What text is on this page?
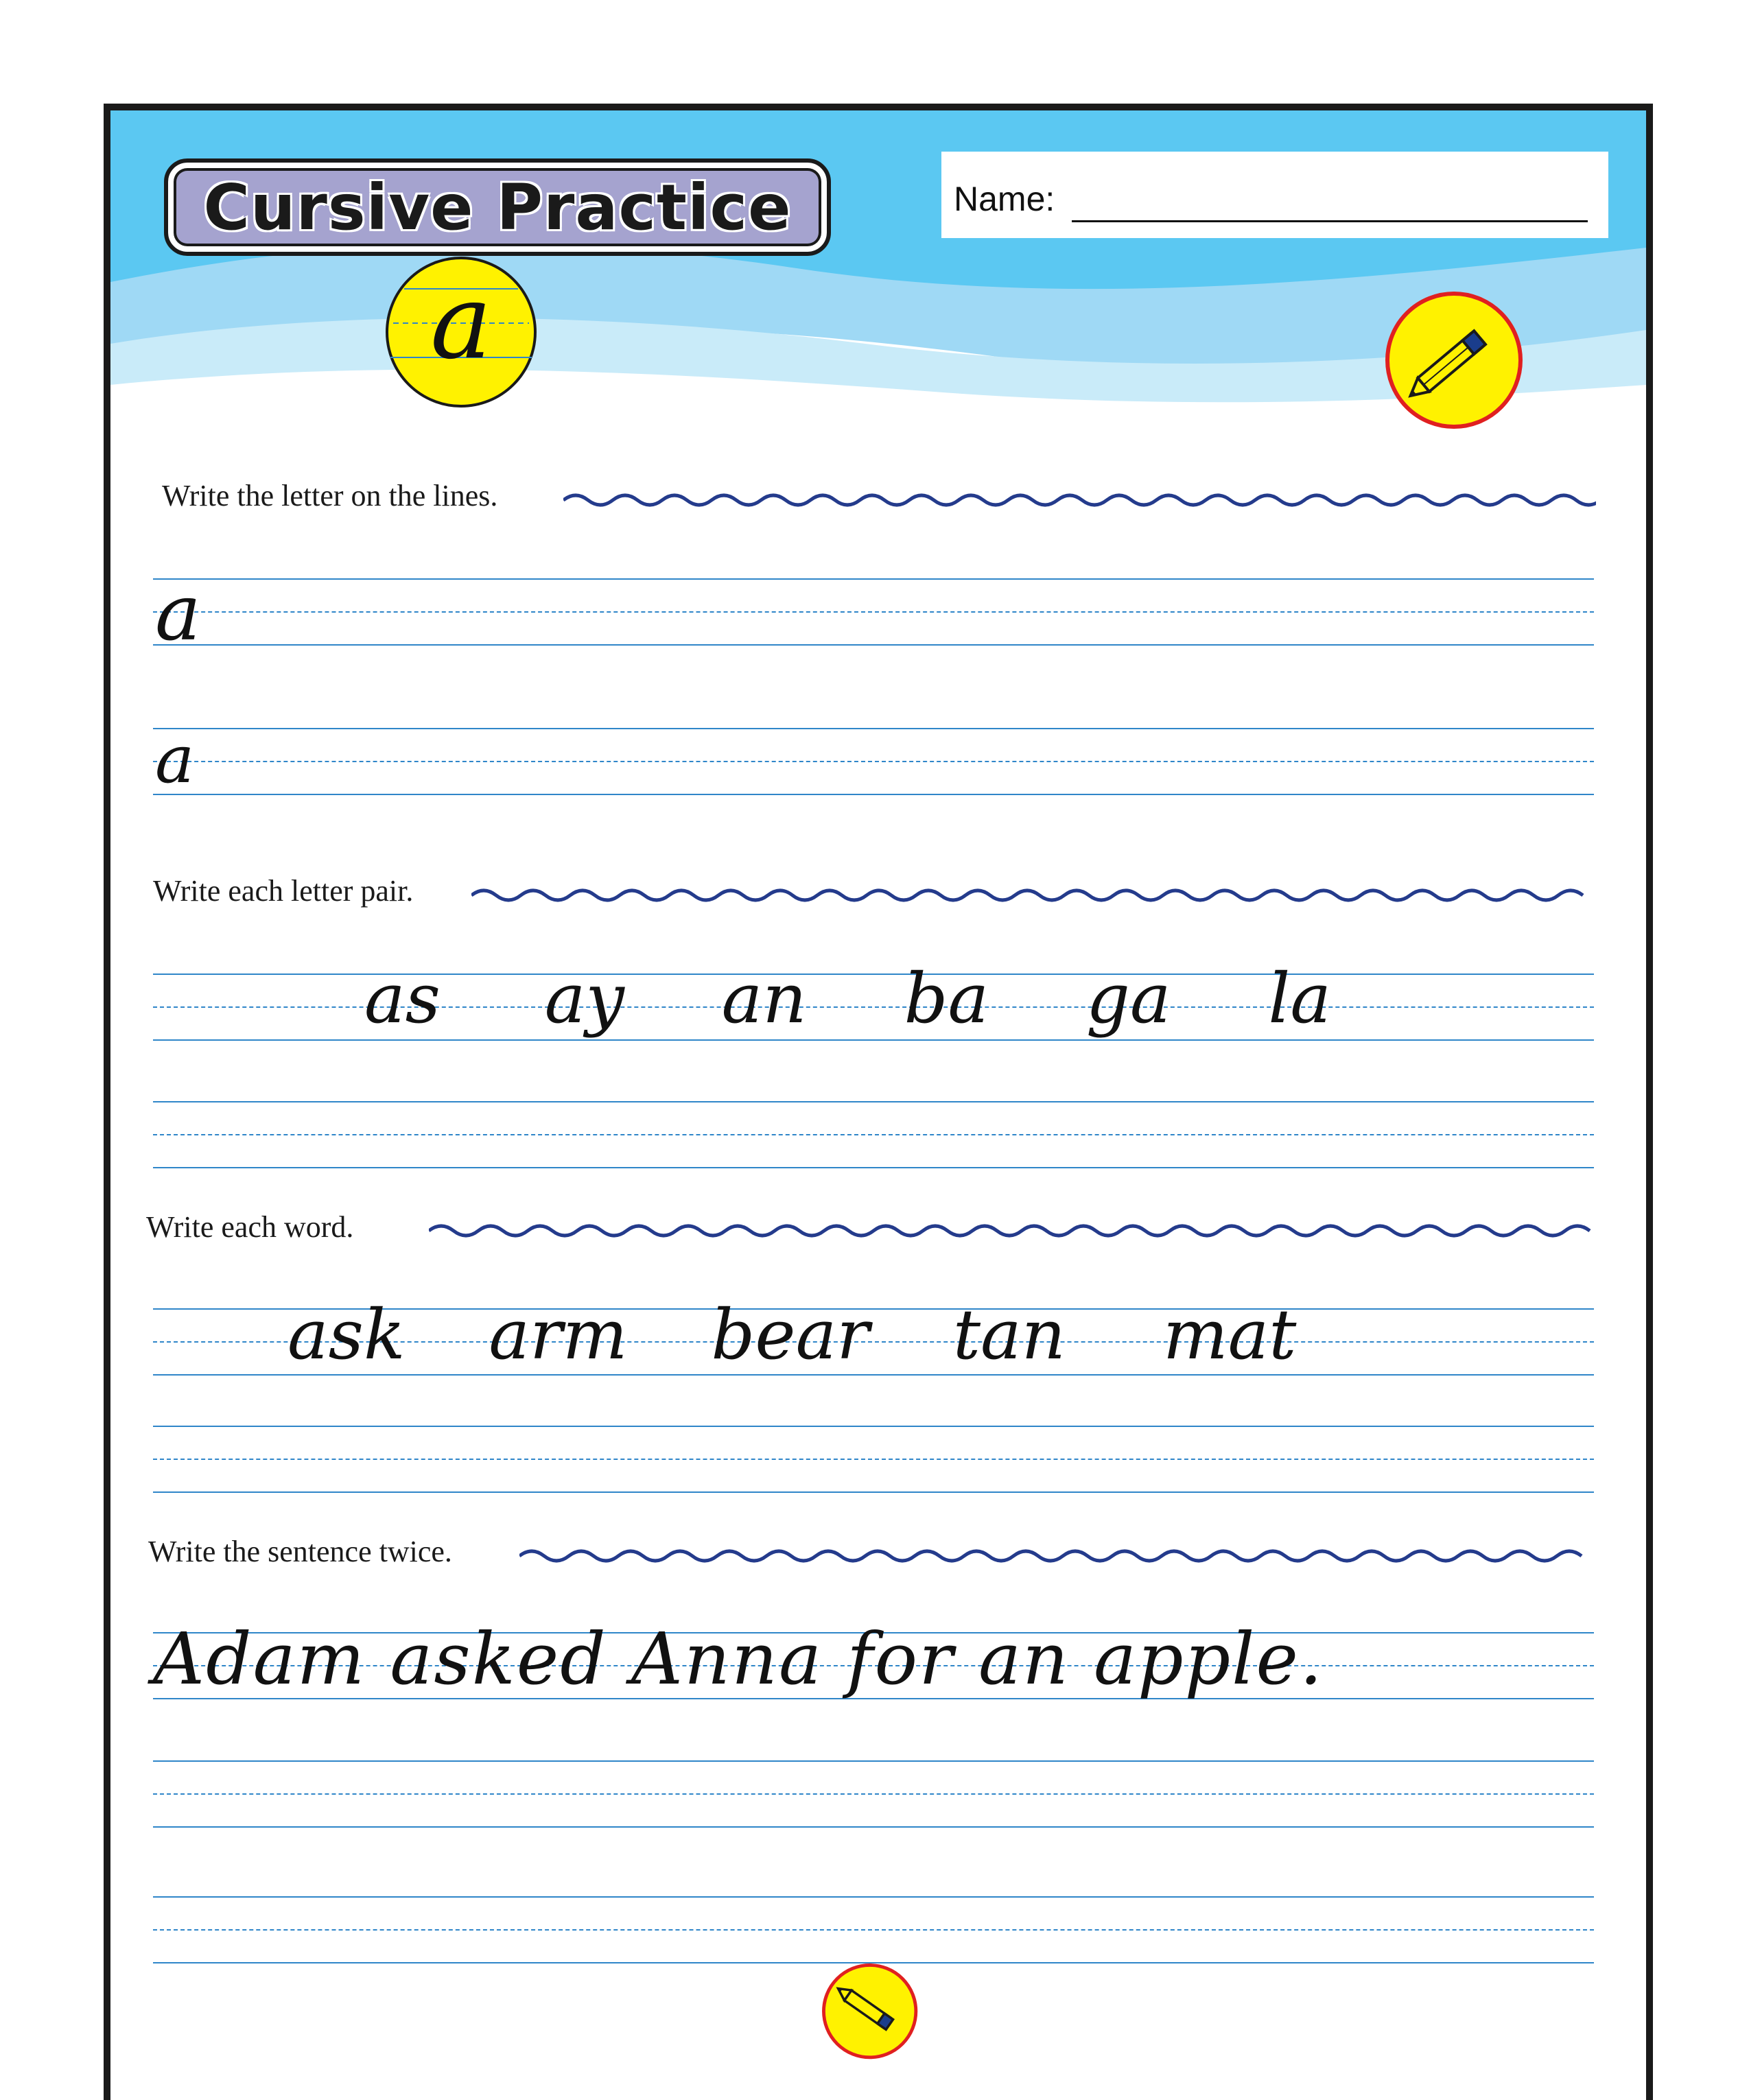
Cursive Practice	Name:
a
Write the letter on the lines.
a
a
Write each letter pair.
as ay an ba ga la
Write each word.
ask arm bear tan mat
Write the sentence twice.
Adam asked Anna for an apple.
